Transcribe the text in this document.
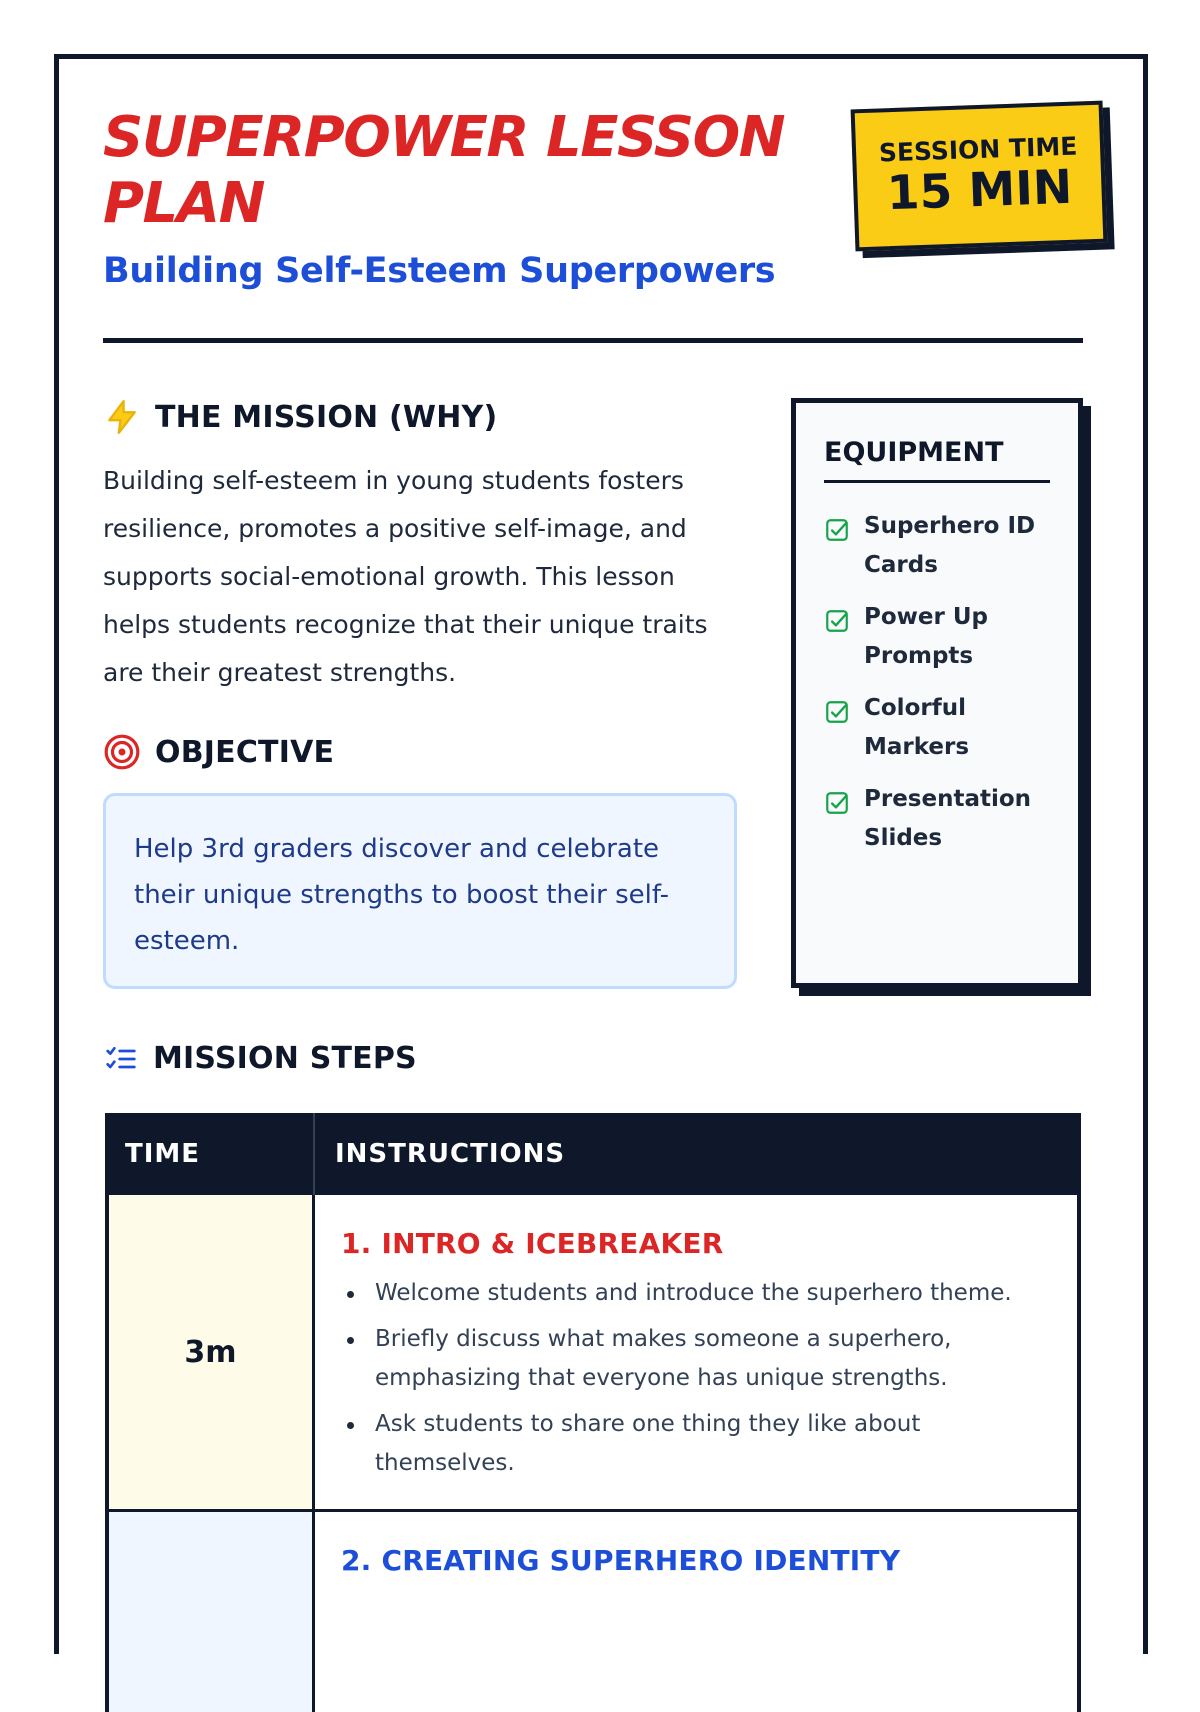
SUPERPOWER LESSON PLAN
Building Self-Esteem Superpowers
SESSION TIME
15 MIN
THE MISSION (WHY)

Building self-esteem in young students fosters resilience, promotes a positive self-image, and supports social-emotional growth. This lesson helps students recognize that their unique traits are their greatest strengths.

OBJECTIVE
Help 3rd graders discover and celebrate their unique strengths to boost their self-esteem.
EQUIPMENT
Superhero ID Cards
Power Up Prompts
Colorful Markers
Presentation Slides
MISSION STEPS
TIME	INSTRUCTIONS
3m
1. INTRO & ICEBREAKER
Welcome students and introduce the superhero theme.
Briefly discuss what makes someone a superhero, emphasizing that everyone has unique strengths.
Ask students to share one thing they like about themselves.
2. CREATING SUPERHERO IDENTITY
